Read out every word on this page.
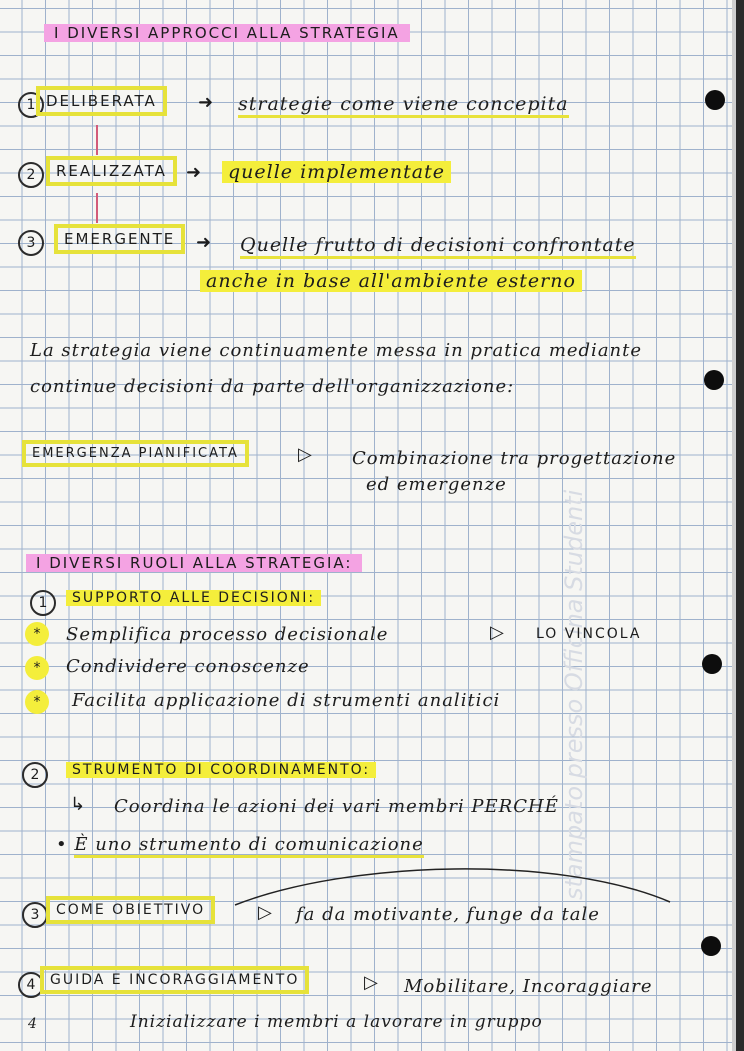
stampato presso Officina Studenti
I DIVERSI APPROCCI ALLA STRATEGIA
1 DELIBERATA	➜ strategie come viene concepita
2	REALIZZATA	➜	quelle implementate
3	EMERGENTE	➜ Quelle frutto di decisioni confrontate
anche in base all'ambiente esterno
La strategia viene continuamente messa in pratica mediante
continue decisioni da parte dell'organizzazione:
EMERGENZA PIANIFICATA	▷ Combinazione tra progettazione
ed emergenze
I DIVERSI RUOLI ALLA STRATEGIA:
1	SUPPORTO ALLE DECISIONI:
*	Semplifica processo decisionale	▷ LO VINCOLA
*	Condividere conoscenze
*	Facilita applicazione di strumenti analitici
2	STRUMENTO DI COORDINAMENTO:
↳ Coordina le azioni dei vari membri PERCHÉ
• È uno strumento di comunicazione
3	COME OBIETTIVO	▷ fa da motivante, funge da tale
4	GUIDA E INCORAGGIAMENTO	▷ Mobilitare, Incoraggiare
Inizializzare i membri a lavorare in gruppo
4
